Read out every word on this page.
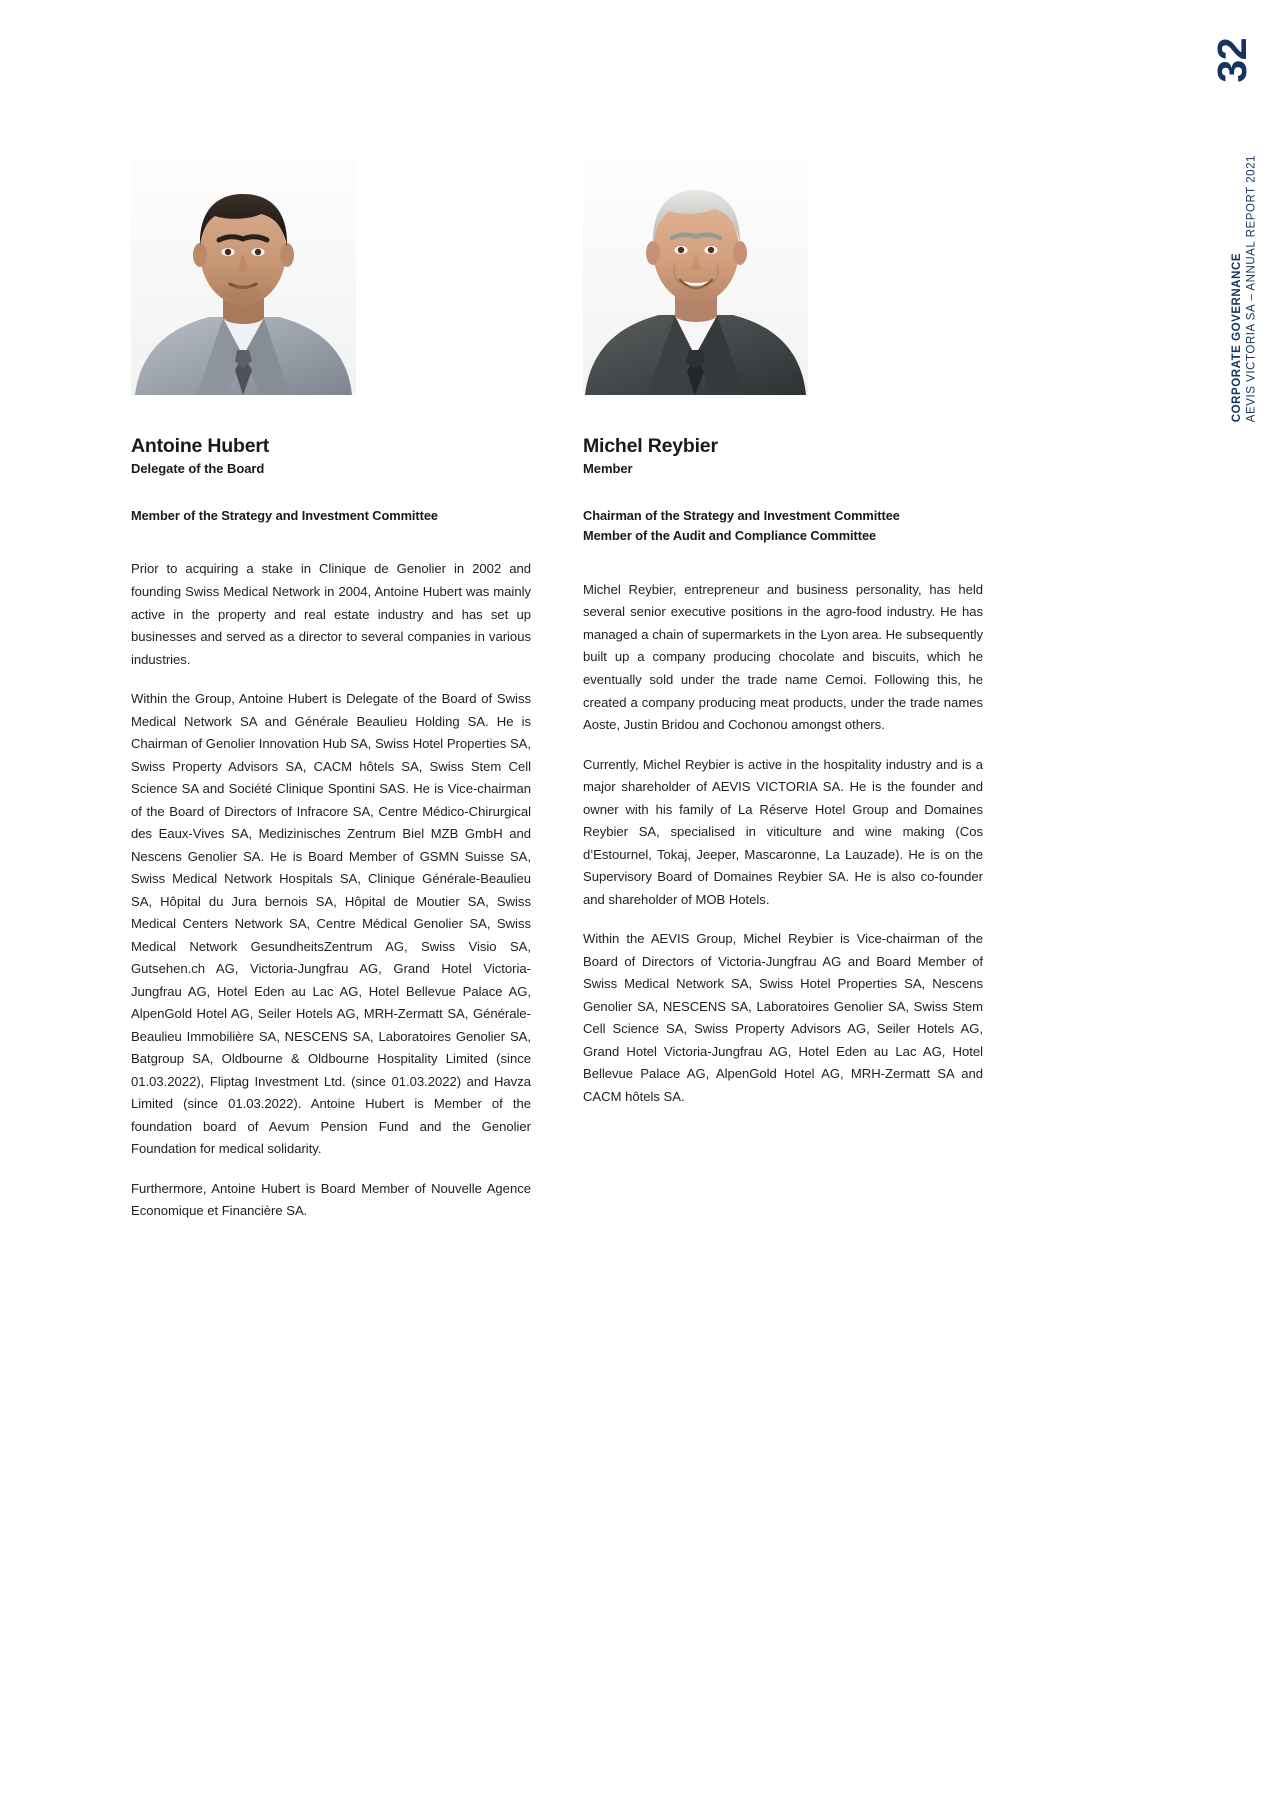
32
CORPORATE GOVERNANCE AEVIS VICTORIA SA – ANNUAL REPORT 2021
Antoine Hubert

Delegate of the Board

Member of the Strategy and Investment Committee

Prior to acquiring a stake in Clinique de Genolier in 2002 and founding Swiss Medical Network in 2004, Antoine Hubert was mainly active in the property and real estate industry and has set up businesses and served as a director to several companies in various industries.

Within the Group, Antoine Hubert is Delegate of the Board of Swiss Medical Network SA and Générale Beaulieu Holding SA. He is Chairman of Genolier Innovation Hub SA, Swiss Hotel Properties SA, Swiss Property Advisors SA, CACM hôtels SA, Swiss Stem Cell Science SA and Société Clinique Spontini SAS. He is Vice-chairman of the Board of Directors of Infracore SA, Centre Médico-Chirurgical des Eaux-Vives SA, Medizinisches Zentrum Biel MZB GmbH and Nescens Genolier SA. He is Board Member of GSMN Suisse SA, Swiss Medical Network Hospitals SA, Clinique Générale-Beaulieu SA, Hôpital du Jura bernois SA, Hôpital de Moutier SA, Swiss Medical Centers Network SA, Centre Médical Genolier SA, Swiss Medical Network GesundheitsZentrum AG, Swiss Visio SA, Gutsehen.ch AG, Victoria-Jungfrau AG, Grand Hotel Victoria-Jungfrau AG, Hotel Eden au Lac AG, Hotel Bellevue Palace AG, AlpenGold Hotel AG, Seiler Hotels AG, MRH-Zermatt SA, Générale-Beaulieu Immobilière SA, NESCENS SA, Laboratoires Genolier SA, Batgroup SA, Oldbourne & Oldbourne Hospitality Limited (since 01.03.2022), Fliptag Investment Ltd. (since 01.03.2022) and Havza Limited (since 01.03.2022). Antoine Hubert is Member of the foundation board of Aevum Pension Fund and the Genolier Foundation for medical solidarity.

Furthermore, Antoine Hubert is Board Member of Nouvelle Agence Economique et Financière SA.

Michel Reybier

Member

Chairman of the Strategy and Investment Committee
Member of the Audit and Compliance Committee

Michel Reybier, entrepreneur and business personality, has held several senior executive positions in the agro-food industry. He has managed a chain of supermarkets in the Lyon area. He subsequently built up a company producing chocolate and biscuits, which he eventually sold under the trade name Cemoi. Following this, he created a company producing meat products, under the trade names Aoste, Justin Bridou and Cochonou amongst others.

Currently, Michel Reybier is active in the hospitality industry and is a major shareholder of AEVIS VICTORIA SA. He is the founder and owner with his family of La Réserve Hotel Group and Domaines Reybier SA, specialised in viticulture and wine making (Cos d’Estournel, Tokaj, Jeeper, Mascaronne, La Lauzade). He is on the Supervisory Board of Domaines Reybier SA. He is also co-founder and shareholder of MOB Hotels.

Within the AEVIS Group, Michel Reybier is Vice-chairman of the Board of Directors of Victoria-Jungfrau AG and Board Member of Swiss Medical Network SA, Swiss Hotel Properties SA, Nescens Genolier SA, NESCENS SA, Laboratoires Genolier SA, Swiss Stem Cell Science SA, Swiss Property Advisors AG, Seiler Hotels AG, Grand Hotel Victoria-Jungfrau AG, Hotel Eden au Lac AG, Hotel Bellevue Palace AG, AlpenGold Hotel AG, MRH-Zermatt SA and CACM hôtels SA.
